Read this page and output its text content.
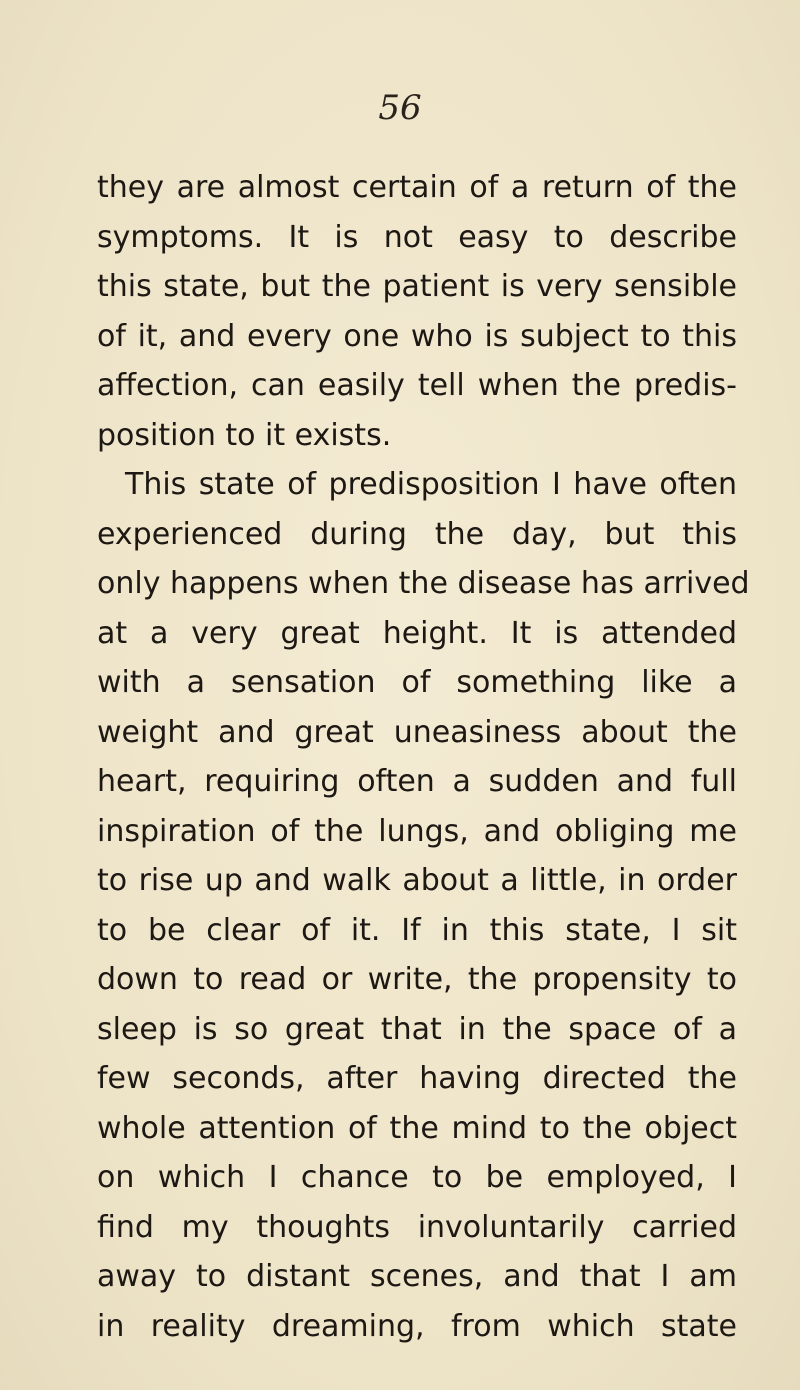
56

they are almost certain of a return of the

symptoms. It is not easy to describe

this state, but the patient is very sensible

of it, and every one who is subject to this

affection, can easily tell when the predis-

position to it exists.

This state of predisposition I have often

experienced during the day, but this

only happens when the disease has arrived

at a very great height. It is attended

with a sensation of something like a

weight and great uneasiness about the

heart, requiring often a sudden and full

inspiration of the lungs, and obliging me

to rise up and walk about a little, in order

to be clear of it. If in this state, I sit

down to read or write, the propensity to

sleep is so great that in the space of a

few seconds, after having directed the

whole attention of the mind to the object

on which I chance to be employed, I

find my thoughts involuntarily carried

away to distant scenes, and that I am

in reality dreaming, from which state
